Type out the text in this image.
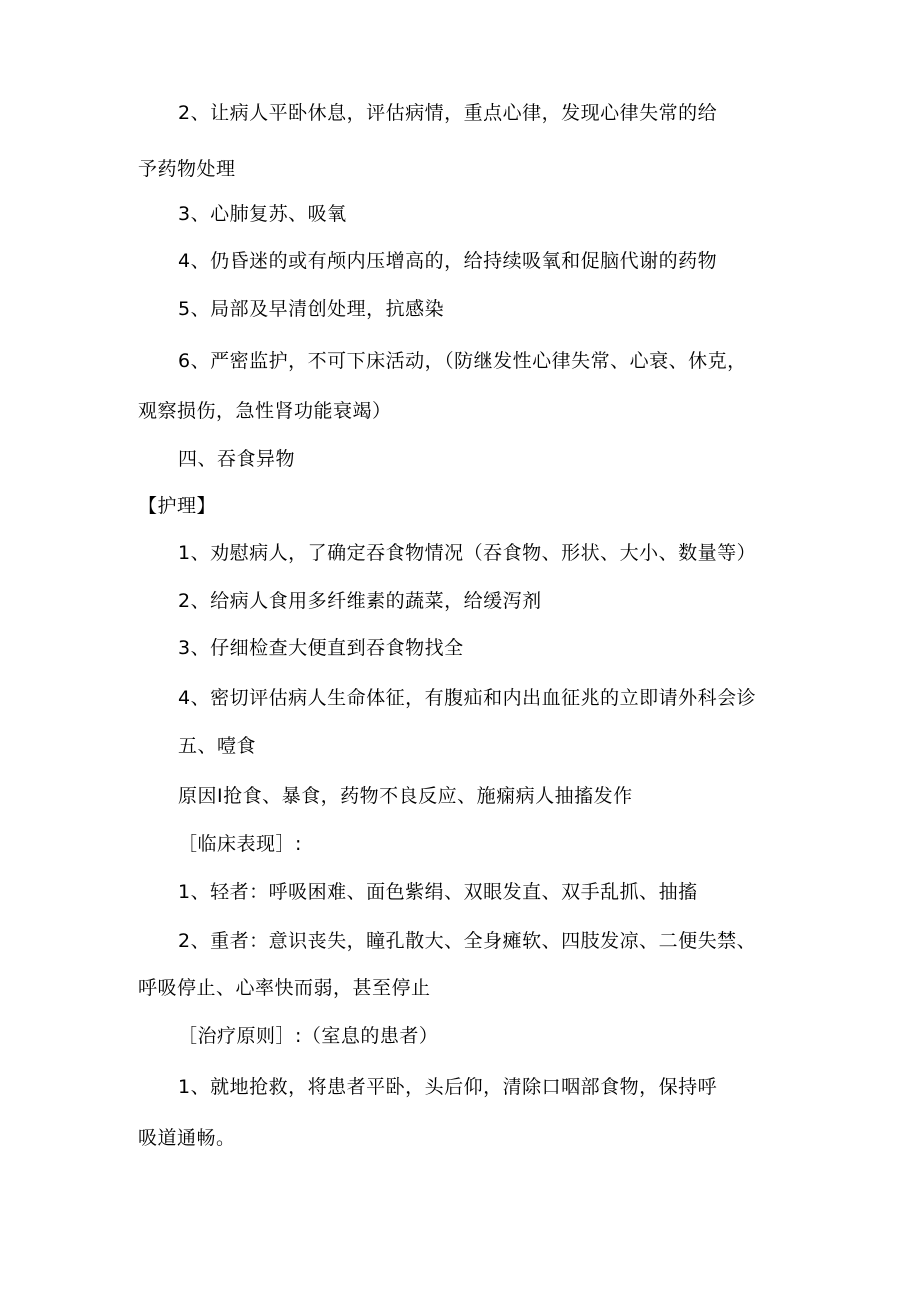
2、让病人平卧休息，评估病情，重点心律，发现心律失常的给
予药物处理
3、心肺复苏、吸氧
4、仍昏迷的或有颅内压增高的，给持续吸氧和促脑代谢的药物
5、局部及早清创处理，抗感染
6、严密监护，不可下床活动，（防继发性心律失常、心衰、休克，
观察损伤，急性肾功能衰竭）
四、吞食异物
【护理】
1、劝慰病人，了确定吞食物情况（吞食物、形状、大小、数量等）
2、给病人食用多纤维素的蔬菜，给缓泻剂
3、仔细检查大便直到吞食物找全
4、密切评估病人生命体征，有腹疝和内出血征兆的立即请外科会诊
五、噎食
原因I抢食、暴食，药物不良反应、施痫病人抽搐发作
［临床表现］:
1、轻者：呼吸困难、面色紫绢、双眼发直、双手乱抓、抽搐
2、重者：意识丧失，瞳孔散大、全身瘫软、四肢发凉、二便失禁、
呼吸停止、心率快而弱，甚至停止
［治疗原则］:（室息的患者）
1、就地抢救，将患者平卧，头后仰，清除口咽部食物，保持呼
吸道通畅。
